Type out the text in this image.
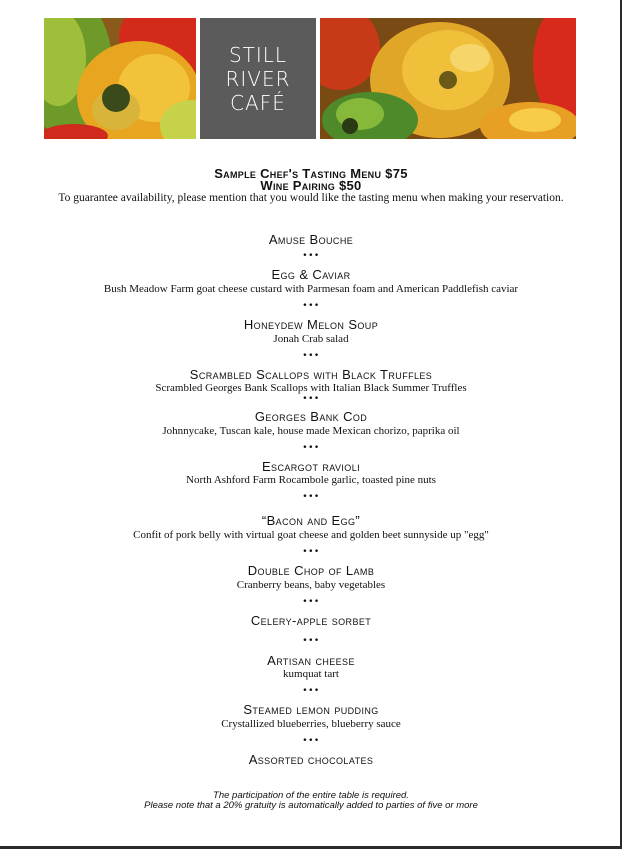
STILL
RIVER
CAFÉ
Sample Chef's Tasting Menu $75
Wine Pairing $50
To guarantee availability, please mention that you would like the tasting menu when making your reservation.
Amuse Bouche
•••
Egg & Caviar
Bush Meadow Farm goat cheese custard with Parmesan foam and American Paddlefish caviar
•••
Honeydew Melon Soup
Jonah Crab salad
•••
Scrambled Scallops with Black Truffles
Scrambled Georges Bank Scallops with Italian Black Summer Truffles
•••
Georges Bank Cod
Johnnycake, Tuscan kale, house made Mexican chorizo, paprika oil
•••
Escargot ravioli
North Ashford Farm Rocambole garlic, toasted pine nuts
•••
“Bacon and Egg”
Confit of pork belly with virtual goat cheese and golden beet sunnyside up "egg"
•••
Double Chop of Lamb
Cranberry beans, baby vegetables
•••
Celery-apple sorbet
•••
Artisan cheese
kumquat tart
•••
Steamed lemon pudding
Crystallized blueberries, blueberry sauce
•••
Assorted chocolates
The participation of the entire table is required.
Please note that a 20% gratuity is automatically added to parties of five or more
